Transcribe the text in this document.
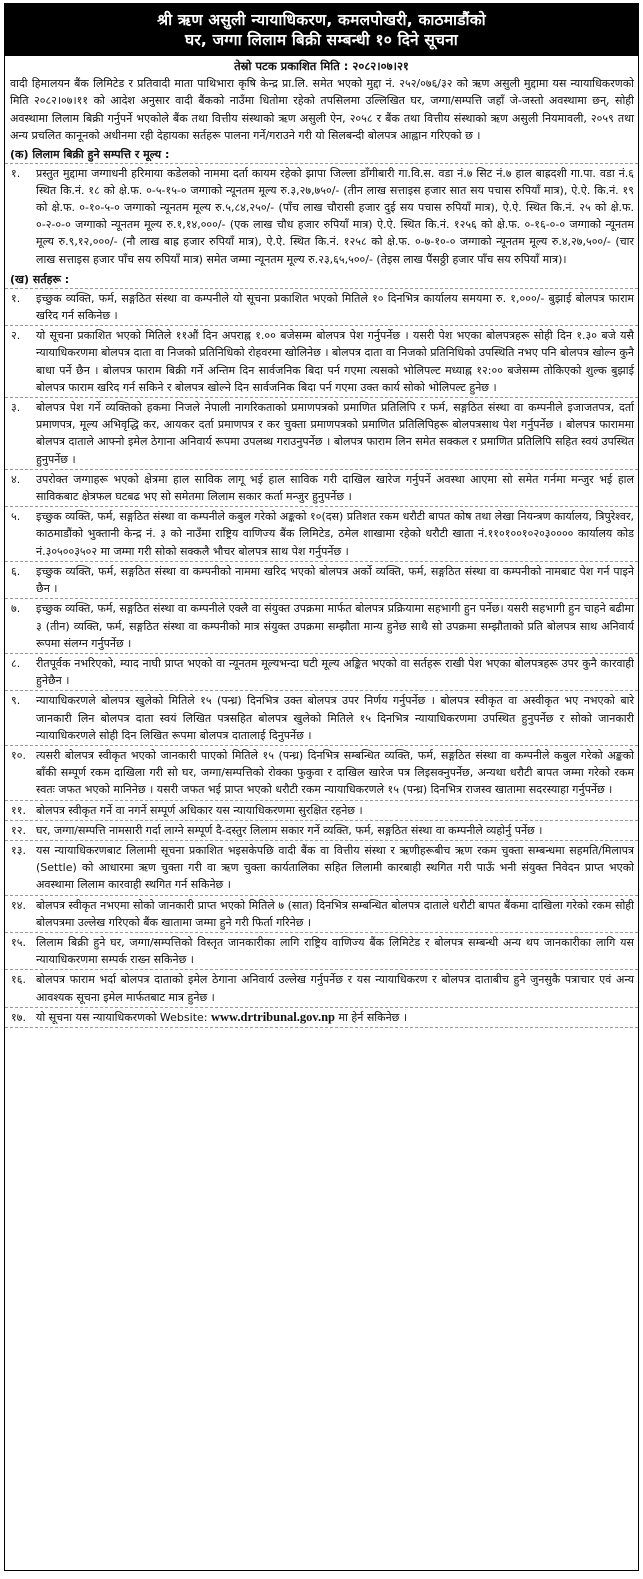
श्री ऋण असुली न्यायाधिकरण, कमलपोखरी, काठमाडौंको
घर, जग्गा लिलाम बिक्री सम्बन्धी १० दिने सूचना
तेस्रो पटक प्रकाशित मिति : २०८२।०७।२१
वादी हिमालयन बैंक लिमिटेड र प्रतिवादी माता पाथिभारा कृषि केन्द्र प्रा.लि. समेत भएको मुद्दा नं. २५२/०७६/३२ को ऋण असुली मुद्दामा यस न्यायाधिकरणको मिति २०८२।०७।११ को आदेश अनुसार वादी बैंकको नाउँमा धितोमा रहेको तपसिलमा उल्लिखित घर, जग्गा/सम्पत्ति जहाँ जे-जस्तो अवस्थामा छन्, सोही अवस्थामा लिलाम बिक्री गर्नुपर्ने भएकोले बैंक तथा वित्तीय संस्थाको ऋण असुली ऐन, २०५८ र बैंक तथा वित्तीय संस्थाको ऋण असुली नियमावली, २०५९ तथा अन्य प्रचलित कानूनको अधीनमा रही देहायका सर्तहरू पालना गर्ने/गराउने गरी यो सिलबन्दी बोलपत्र आह्वान गरिएको छ ।
(क) लिलाम बिक्री हुने सम्पत्ति र मूल्य :
१.	प्रस्तुत मुद्दामा जग्गाधनी हरिमाया कडेलको नाममा दर्ता कायम रहेको झापा जिल्ला डाँगीबारी गा.वि.स. वडा नं.७ सिट नं.७ हाल बाह्रदशी गा.पा. वडा नं.६ स्थित कि.नं. १८ को क्षे.फ. ०-५-१५-० जग्गाको न्यूनतम मूल्य रु.३,२७,७५०/- (तीन लाख सत्ताइस हजार सात सय पचास रुपियाँ मात्र), ऐ.ऐ. कि.नं. १९ को क्षे.फ. ०-१०-५-० जग्गाको न्यूनतम मूल्य रु.५,८४,२५०/- (पाँच लाख चौरासी हजार दुई सय पचास रुपियाँ मात्र), ऐ.ऐ. स्थित कि.नं. २५ को क्षे.फ. ०-२-०-० जग्गाको न्यूनतम मूल्य रु.१,१४,०००/- (एक लाख चौध हजार रुपियाँ मात्र) ऐ.ऐ. स्थित कि.नं. १२५६ को क्षे.फ. ०-१६-०-० जग्गाको न्यूनतम मूल्य रु.९,१२,०००/- (नौ लाख बाह्र हजार रुपियाँ मात्र), ऐ.ऐ. स्थित कि.नं. १२५८ को क्षे.फ. ०-७-१०-० जग्गाको न्यूनतम मूल्य रु.४,२७,५००/- (चार लाख सत्ताइस हजार पाँच सय रुपियाँ मात्र) समेत जम्मा न्यूनतम मूल्य रु.२३,६५,५००/- (तेइस लाख पैंसठ्ठी हजार पाँच सय रुपियाँ मात्र)।
(ख) सर्तहरू :
१.	इच्छुक व्यक्ति, फर्म, सङ्गठित संस्था वा कम्पनीले यो सूचना प्रकाशित भएको मितिले १० दिनभित्र कार्यालय समयमा रु. १,०००/- बुझाई बोलपत्र फाराम खरिद गर्न सकिनेछ ।
२.	यो सूचना प्रकाशित भएको मितिले ११औं दिन अपराह्न १.०० बजेसम्म बोलपत्र पेश गर्नुपर्नेछ । यसरी पेश भएका बोलपत्रहरू सोही दिन १.३० बजे यसै न्यायाधिकरणमा बोलपत्र दाता वा निजको प्रतिनिधिको रोहवरमा खोलिनेछ । बोलपत्र दाता वा निजको प्रतिनिधिको उपस्थिति नभए पनि बोलपत्र खोल्न कुनै बाधा पर्ने छैन । बोलपत्र फाराम बिक्री गर्ने अन्तिम दिन सार्वजनिक बिदा पर्न गएमा त्यसको भोलिपल्ट मध्याह्न १२:०० बजेसम्म तोकिएको शुल्क बुझाई बोलपत्र फाराम खरिद गर्न सकिने र बोलपत्र खोल्ने दिन सार्वजनिक बिदा पर्न गएमा उक्त कार्य सोको भोलिपल्ट हुनेछ ।
३.	बोलपत्र पेश गर्ने व्यक्तिको हकमा निजले नेपाली नागरिकताको प्रमाणपत्रको प्रमाणित प्रतिलिपि र फर्म, सङ्गठित संस्था वा कम्पनीले इजाजतपत्र, दर्ता प्रमाणपत्र, मूल्य अभिवृद्धि कर, आयकर दर्ता प्रमाणपत्र र कर चुक्ता प्रमाणपत्रको प्रमाणित प्रतिलिपिहरू बोलपत्रसाथ पेश गर्नुपर्नेछ । बोलपत्र फाराममा बोलपत्र दाताले आफ्नो इमेल ठेगाना अनिवार्य रूपमा उपलब्ध गराउनुपर्नेछ । बोलपत्र फाराम लिन समेत सक्कल र प्रमाणित प्रतिलिपि सहित स्वयं उपस्थित हुनुपर्नेछ ।
४.	उपरोक्त जग्गाहरू भएको क्षेत्रमा हाल साविक लागू भई हाल साविक गरी दाखिल खारेज गर्नुपर्ने अवस्था आएमा सो समेत गर्नमा मन्जुर भई हाल साविकबाट क्षेत्रफल घटबढ भए सो समेतमा लिलाम सकार कर्ता मन्जुर हुनुपर्नेछ ।
५.	इच्छुक व्यक्ति, फर्म, सङ्गठित संस्था वा कम्पनीले कबुल गरेको अङ्कको १०(दस) प्रतिशत रकम धरौटी बापत कोष तथा लेखा नियन्त्रण कार्यालय, त्रिपुरेश्वर, काठमाडौंको भुक्तानी केन्द्र नं. ३ को नाउँमा राष्ट्रिय वाणिज्य बैंक लिमिटेड, ठमेल शाखामा रहेको धरौटी खाता नं.११०१००१०२०३०००० कार्यालय कोड नं.३०५००३५०२ मा जम्मा गरी सोको सक्कलै भौचर बोलपत्र साथ पेश गर्नुपर्नेछ ।
६.	इच्छुक व्यक्ति, फर्म, सङ्गठित संस्था वा कम्पनीको नाममा खरिद भएको बोलपत्र अर्को व्यक्ति, फर्म, सङ्गठित संस्था वा कम्पनीको नामबाट पेश गर्न पाइने छैन ।
७.	इच्छुक व्यक्ति, फर्म, सङ्गठित संस्था वा कम्पनीले एक्लै वा संयुक्त उपक्रमा मार्फत बोलपत्र प्रक्रियामा सहभागी हुन पर्नेछ। यसरी सहभागी हुन चाहने बढीमा ३ (तीन) व्यक्ति, फर्म, सङ्गठित संस्था वा कम्पनीको मात्र संयुक्त उपक्रमा सम्झौता मान्य हुनेछ साथै सो उपक्रमा सम्झौताको प्रति बोलपत्र साथ अनिवार्य रूपमा संलग्न गर्नुपर्नेछ ।
८.	रीतपूर्वक नभरिएको, म्याद नाघी प्राप्त भएको वा न्यूनतम मूल्यभन्दा घटी मूल्य अङ्कित भएको वा सर्तहरू राखी पेश भएका बोलपत्रहरू उपर कुनै कारवाही हुनेछैन ।
९.	न्यायाधिकरणले बोलपत्र खुलेको मितिले १५ (पन्ध्र) दिनभित्र उक्त बोलपत्र उपर निर्णय गर्नुपर्नेछ । बोलपत्र स्वीकृत वा अस्वीकृत भए नभएको बारे जानकारी लिन बोलपत्र दाता स्वयं लिखित पत्रसहित बोलपत्र खुलेको मितिले १५ दिनभित्र न्यायाधिकरणमा उपस्थित हुनुपर्नेछ र सोको जानकारी न्यायाधिकरणले सोही दिन लिखित रूपमा बोलपत्र दातालाई दिनुपर्नेछ ।
१०. त्यसरी बोलपत्र स्वीकृत भएको जानकारी पाएको मितिले १५ (पन्ध्र) दिनभित्र सम्बन्धित व्यक्ति, फर्म, सङ्गठित संस्था वा कम्पनीले कबुल गरेको अङ्कको बाँकी सम्पूर्ण रकम दाखिला गरी सो घर, जग्गा/सम्पत्तिको रोक्का फुकुवा र दाखिल खारेज पत्र लिइसक्नुपर्नेछ, अन्यथा धरौटी बापत जम्मा गरेको रकम स्वतः जफत भएको मानिनेछ । यसरी जफत भई प्राप्त भएको धरौटी रकम न्यायाधिकरणले १५ (पन्ध्र) दिनभित्र राजस्व खातामा सदरस्याहा गर्नुपर्नेछ ।
११. बोलपत्र स्वीकृत गर्ने वा नगर्ने सम्पूर्ण अधिकार यस न्यायाधिकरणमा सुरक्षित रहनेछ ।
१२. घर, जग्गा/सम्पत्ति नामसारी गर्दा लाग्ने सम्पूर्ण दै-दस्तुर लिलाम सकार गर्ने व्यक्ति, फर्म, सङ्गठित संस्था वा कम्पनीले व्यहोर्नु पर्नेछ ।
१३. यस न्यायाधिकरणबाट लिलामी सूचना प्रकाशित भइसकेपछि वादी बैंक वा वित्तीय संस्था र ऋणीहरूबीच ऋण रकम चुक्ता सम्बन्धमा सहमति/मिलापत्र (Settle) को आधारमा ऋण चुक्ता गरी वा ऋण चुक्ता कार्यतालिका सहित लिलामी कारबाही स्थगित गरी पाऊँ भनी संयुक्त निवेदन प्राप्त भएको अवस्थामा लिलाम कारवाही स्थगित गर्न सकिनेछ ।
१४. बोलपत्र स्वीकृत नभएमा सोको जानकारी प्राप्त भएको मितिले ७ (सात) दिनभित्र सम्बन्धित बोलपत्र दाताले धरौटी बापत बैंकमा दाखिला गरेको रकम सोही बोलपत्रमा उल्लेख गरिएको बैंक खातामा जम्मा हुने गरी फिर्ता गरिनेछ ।
१५. लिलाम बिक्री हुने घर, जग्गा/सम्पत्तिको विस्तृत जानकारीका लागि राष्ट्रिय वाणिज्य बैंक लिमिटेड र बोलपत्र सम्बन्धी अन्य थप जानकारीका लागि यस न्यायाधिकरणमा सम्पर्क राख्न सकिनेछ ।
१६. बोलपत्र फाराम भर्दा बोलपत्र दाताको इमेल ठेगाना अनिवार्य उल्लेख गर्नुपर्नेछ र यस न्यायाधिकरण र बोलपत्र दाताबीच हुने जुनसुकै पत्राचार एवं अन्य आवश्यक सूचना इमेल मार्फतबाट मात्र हुनेछ ।
१७. यो सूचना यस न्यायाधिकरणको Website: www.drtribunal.gov.np मा हेर्न सकिनेछ ।
